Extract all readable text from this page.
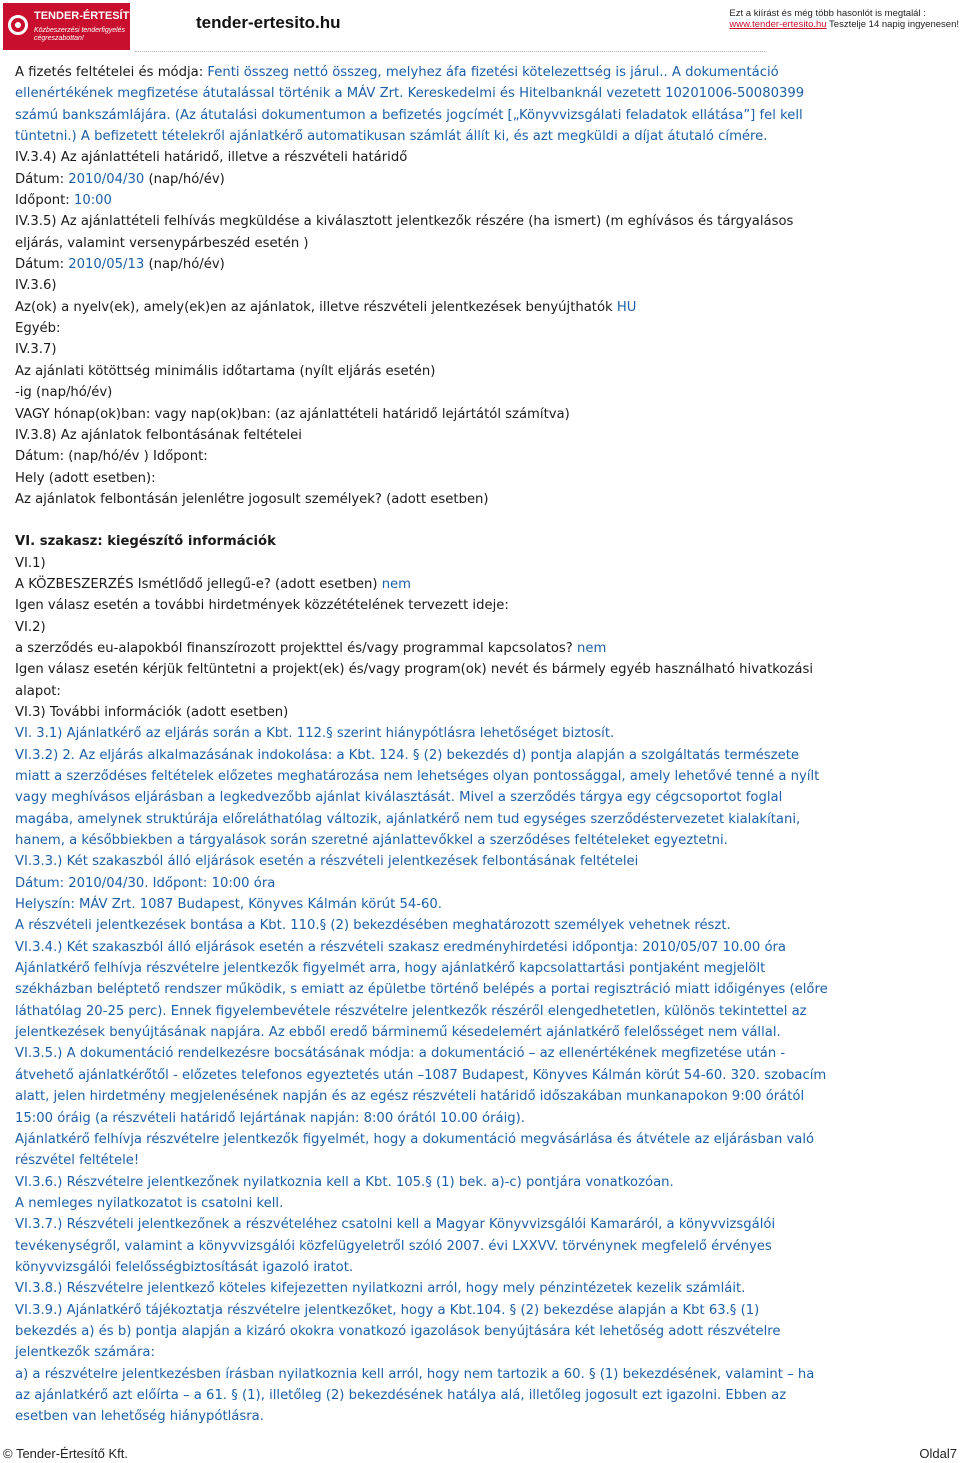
TENDER-ÉRTESÍTŐ.hu
Közbeszerzési tenderfigyelés cégreszabottan!
tender-ertesito.hu	Ezt a kiírást és még több hasonlót is megtalál :
www.tender-ertesito.hu Tesztelje 14 napig ingyenesen!

A fizetés feltételei és módja: Fenti összeg nettó összeg, melyhez áfa fizetési kötelezettség is járul.. A dokumentáció

ellenértékének megfizetése átutalással történik a MÁV Zrt. Kereskedelmi és Hitelbanknál vezetett 10201006-50080399

számú bankszámlájára. (Az átutalási dokumentumon a befizetés jogcímét [„Könyvvizsgálati feladatok ellátása”] fel kell

tüntetni.) A befizetett tételekről ajánlatkérő automatikusan számlát állít ki, és azt megküldi a díjat átutaló címére.

IV.3.4) Az ajánlattételi határidő, illetve a részvételi határidő

Dátum: 2010/04/30 (nap/hó/év)

Időpont: 10:00

IV.3.5) Az ajánlattételi felhívás megküldése a kiválasztott jelentkezők részére (ha ismert) (m eghívásos és tárgyalásos

eljárás, valamint versenypárbeszéd esetén )

Dátum: 2010/05/13 (nap/hó/év)

IV.3.6)

Az(ok) a nyelv(ek), amely(ek)en az ajánlatok, illetve részvételi jelentkezések benyújthatók HU

Egyéb:

IV.3.7)

Az ajánlati kötöttség minimális időtartama (nyílt eljárás esetén)

-ig (nap/hó/év)

VAGY hónap(ok)ban: vagy nap(ok)ban: (az ajánlattételi határidő lejártától számítva)

IV.3.8) Az ajánlatok felbontásának feltételei

Dátum: (nap/hó/év ) Időpont:

Hely (adott esetben):

Az ajánlatok felbontásán jelenlétre jogosult személyek? (adott esetben)

VI. szakasz: kiegészítő információk

VI.1)

A KÖZBESZERZÉS Ismétlődő jellegű-e? (adott esetben) nem

Igen válasz esetén a további hirdetmények közzétételének tervezett ideje:

VI.2)

a szerződés eu-alapokból finanszírozott projekttel és/vagy programmal kapcsolatos? nem

Igen válasz esetén kérjük feltüntetni a projekt(ek) és/vagy program(ok) nevét és bármely egyéb használható hivatkozási

alapot:

VI.3) További információk (adott esetben)

VI. 3.1) Ajánlatkérő az eljárás során a Kbt. 112.§ szerint hiánypótlásra lehetőséget biztosít.

VI.3.2) 2. Az eljárás alkalmazásának indokolása: a Kbt. 124. § (2) bekezdés d) pontja alapján a szolgáltatás természete

miatt a szerződéses feltételek előzetes meghatározása nem lehetséges olyan pontossággal, amely lehetővé tenné a nyílt

vagy meghívásos eljárásban a legkedvezőbb ajánlat kiválasztását. Mivel a szerződés tárgya egy cégcsoportot foglal

magába, amelynek struktúrája előreláthatólag változik, ajánlatkérő nem tud egységes szerződéstervezetet kialakítani,

hanem, a későbbiekben a tárgyalások során szeretné ajánlattevőkkel a szerződéses feltételeket egyeztetni.

VI.3.3.) Két szakaszból álló eljárások esetén a részvételi jelentkezések felbontásának feltételei

Dátum: 2010/04/30. Időpont: 10:00 óra

Helyszín: MÁV Zrt. 1087 Budapest, Könyves Kálmán körút 54-60.

A részvételi jelentkezések bontása a Kbt. 110.§ (2) bekezdésében meghatározott személyek vehetnek részt.

VI.3.4.) Két szakaszból álló eljárások esetén a részvételi szakasz eredményhirdetési időpontja: 2010/05/07 10.00 óra

Ajánlatkérő felhívja részvételre jelentkezők figyelmét arra, hogy ajánlatkérő kapcsolattartási pontjaként megjelölt

székházban beléptető rendszer működik, s emiatt az épületbe történő belépés a portai regisztráció miatt időigényes (előre

láthatólag 20-25 perc). Ennek figyelembevétele részvételre jelentkezők részéről elengedhetetlen, különös tekintettel az

jelentkezések benyújtásának napjára. Az ebből eredő bárminemű késedelemért ajánlatkérő felelősséget nem vállal.

VI.3.5.) A dokumentáció rendelkezésre bocsátásának módja: a dokumentáció – az ellenértékének megfizetése után -

átvehető ajánlatkérőtől - előzetes telefonos egyeztetés után –1087 Budapest, Könyves Kálmán körút 54-60. 320. szobacím

alatt, jelen hirdetmény megjelenésének napján és az egész részvételi határidő időszakában munkanapokon 9:00 órától

15:00 óráig (a részvételi határidő lejártának napján: 8:00 órától 10.00 óráig).

Ajánlatkérő felhívja részvételre jelentkezők figyelmét, hogy a dokumentáció megvásárlása és átvétele az eljárásban való

részvétel feltétele!

VI.3.6.) Részvételre jelentkezőnek nyilatkoznia kell a Kbt. 105.§ (1) bek. a)-c) pontjára vonatkozóan.

A nemleges nyilatkozatot is csatolni kell.

VI.3.7.) Részvételi jelentkezőnek a részvételéhez csatolni kell a Magyar Könyvvizsgálói Kamaráról, a könyvvizsgálói

tevékenységről, valamint a könyvvizsgálói közfelügyeletről szóló 2007. évi LXXVV. törvénynek megfelelő érvényes

könyvvizsgálói felelősségbiztosítását igazoló iratot.

VI.3.8.) Részvételre jelentkező köteles kifejezetten nyilatkozni arról, hogy mely pénzintézetek kezelik számláit.

VI.3.9.) Ajánlatkérő tájékoztatja részvételre jelentkezőket, hogy a Kbt.104. § (2) bekezdése alapján a Kbt 63.§ (1)

bekezdés a) és b) pontja alapján a kizáró okokra vonatkozó igazolások benyújtására két lehetőség adott részvételre

jelentkezők számára:

a) a részvételre jelentkezésben írásban nyilatkoznia kell arról, hogy nem tartozik a 60. § (1) bekezdésének, valamint – ha

az ajánlatkérő azt előírta – a 61. § (1), illetőleg (2) bekezdésének hatálya alá, illetőleg jogosult ezt igazolni. Ebben az

esetben van lehetőség hiánypótlásra.

© Tender-Értesítő Kft.	Oldal7
